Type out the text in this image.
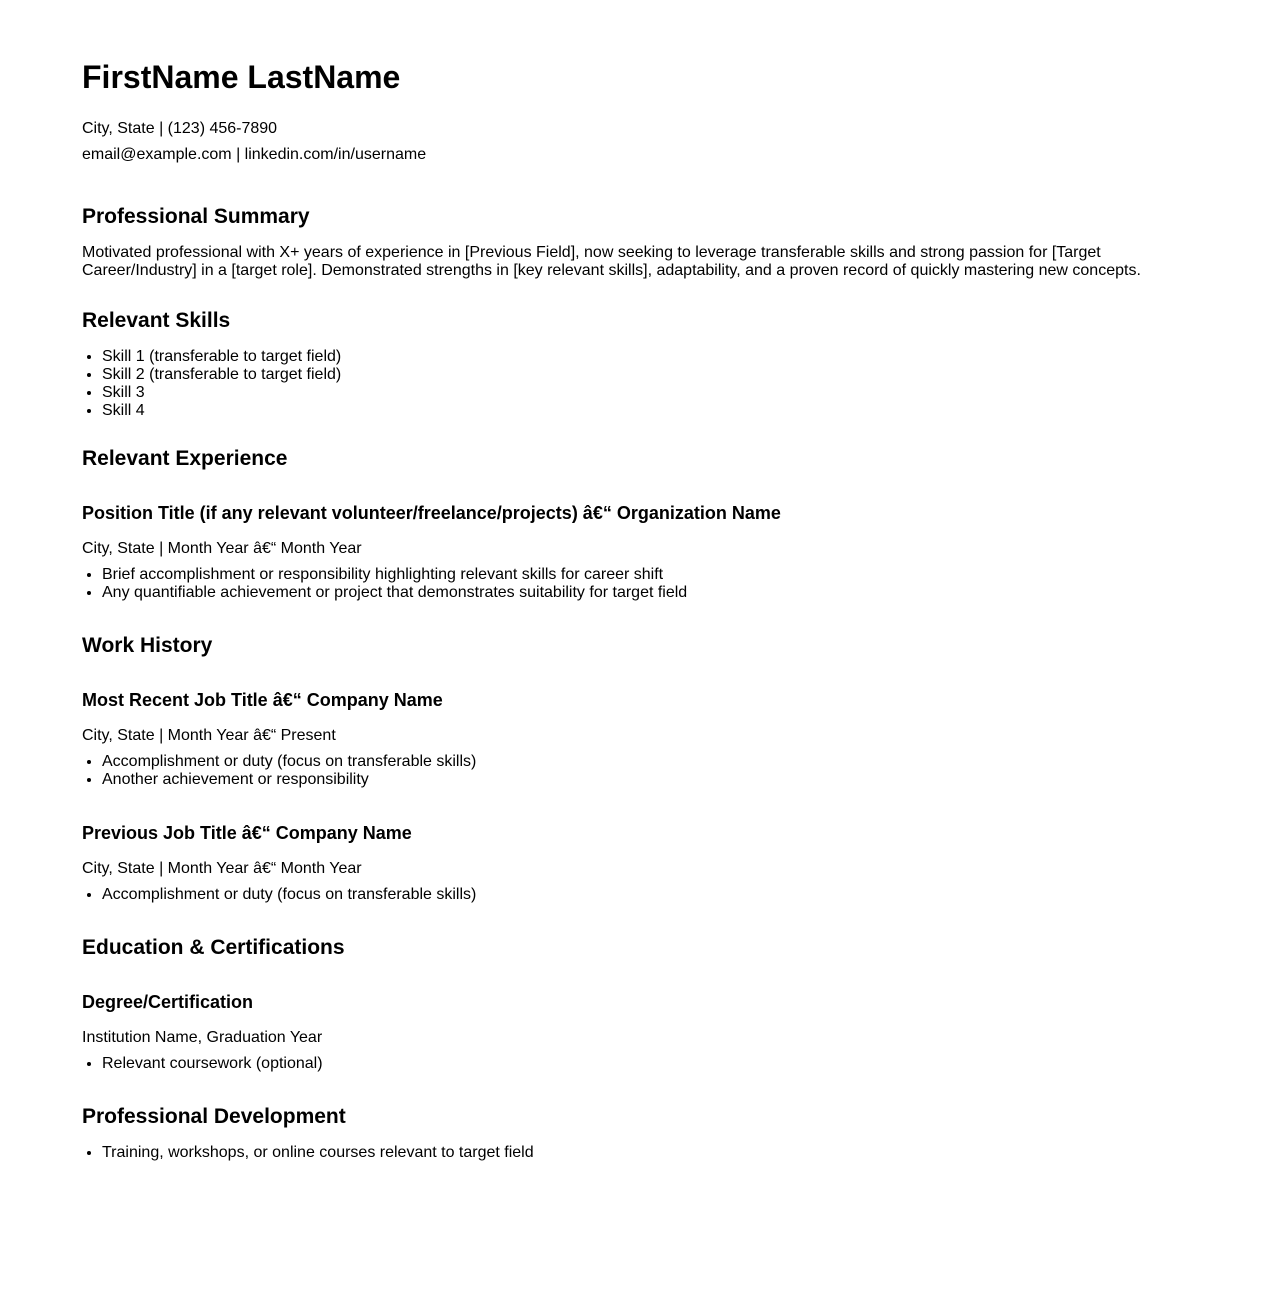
FirstName LastName

City, State | (123) 456-7890

email@example.com | linkedin.com/in/username

Professional Summary

Motivated professional with X+ years of experience in [Previous Field], now seeking to leverage transferable skills and strong passion for [Target Career/Industry] in a [target role]. Demonstrated strengths in [key relevant skills], adaptability, and a proven record of quickly mastering new concepts.

Relevant Skills
• Skill 1 (transferable to target field)
• Skill 2 (transferable to target field)
• Skill 3
• Skill 4
Relevant Experience
Position Title (if any relevant volunteer/freelance/projects) â€“ Organization Name

City, State | Month Year â€“ Month Year

• Brief accomplishment or responsibility highlighting relevant skills for career shift
• Any quantifiable achievement or project that demonstrates suitability for target field
Work History
Most Recent Job Title â€“ Company Name

City, State | Month Year â€“ Present

• Accomplishment or duty (focus on transferable skills)
• Another achievement or responsibility
Previous Job Title â€“ Company Name

City, State | Month Year â€“ Month Year

• Accomplishment or duty (focus on transferable skills)
Education & Certifications
Degree/Certification

Institution Name, Graduation Year

• Relevant coursework (optional)
Professional Development
• Training, workshops, or online courses relevant to target field
